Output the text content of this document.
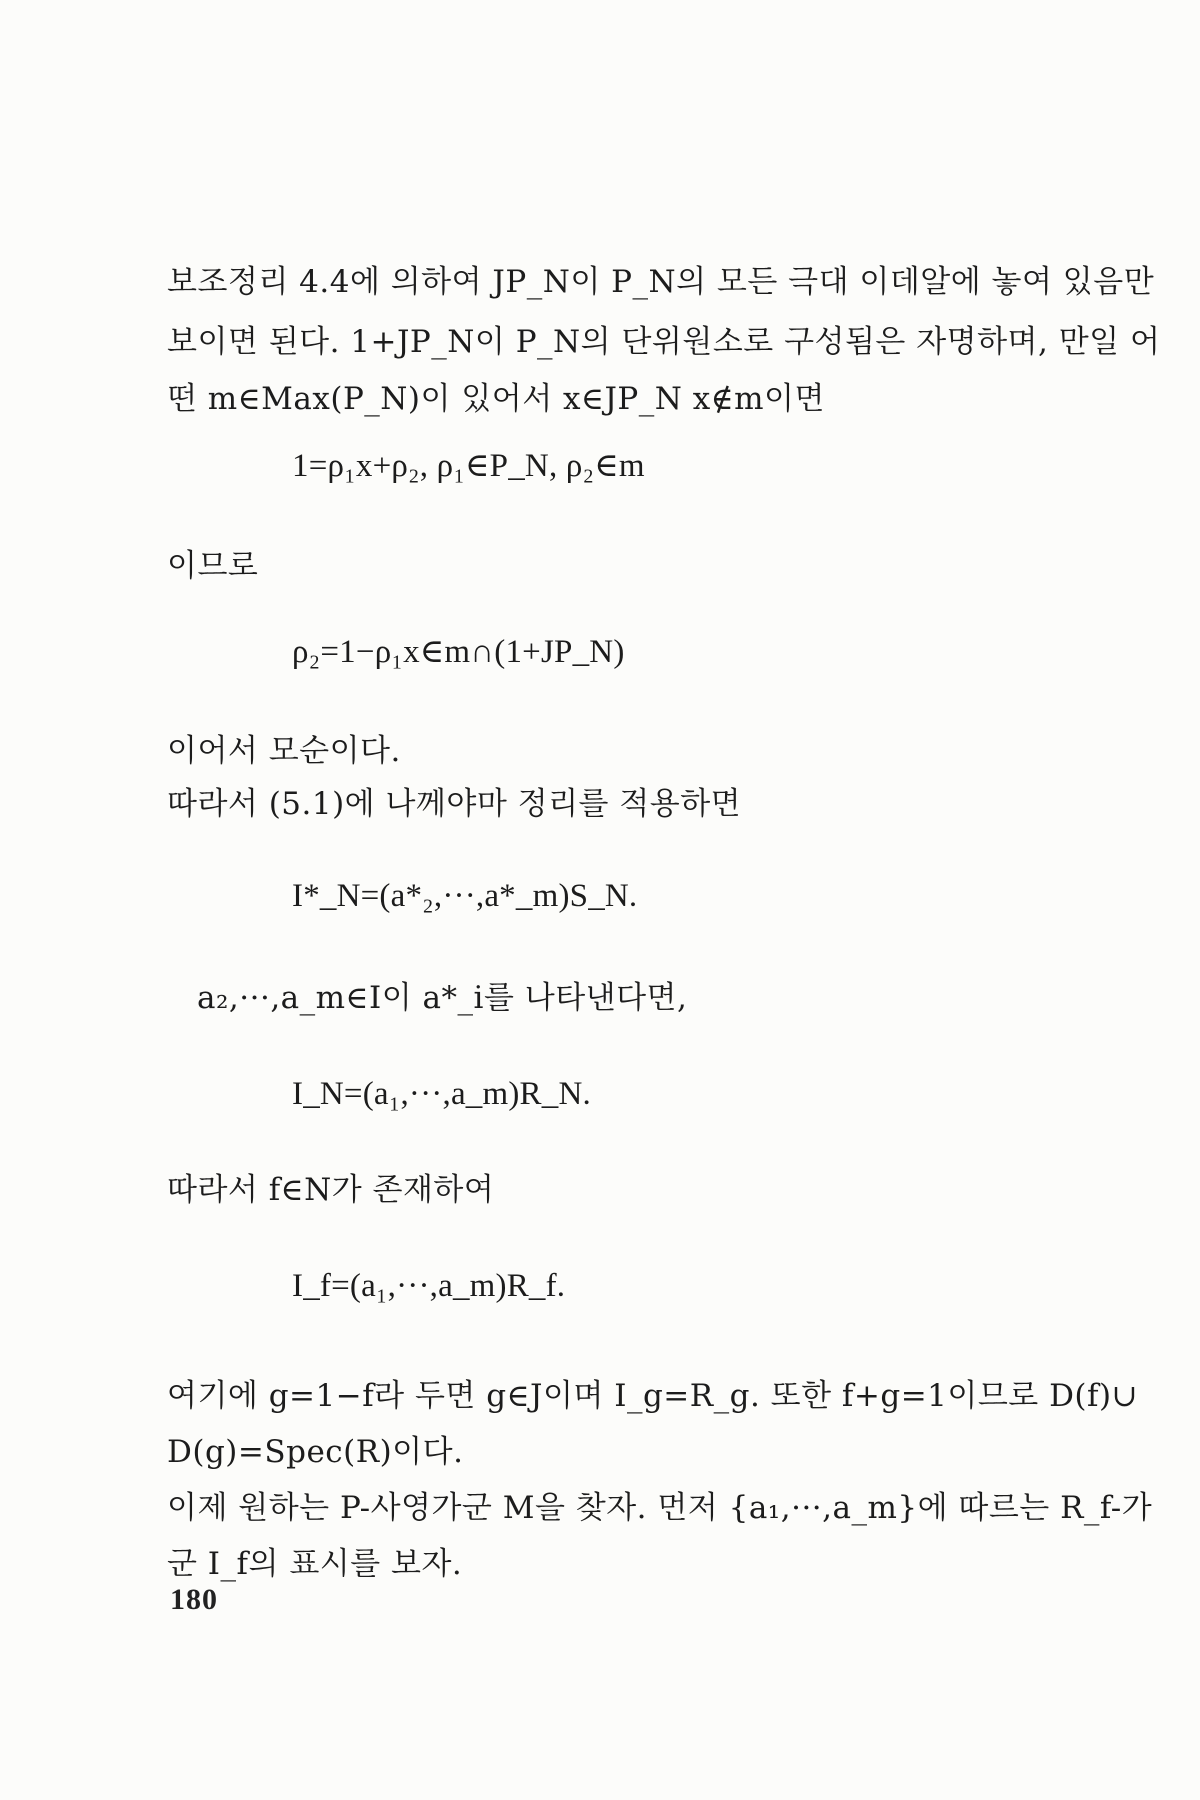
보조정리 4.4에 의하여 JP_N이 P_N의 모든 극대 이데알에 놓여 있음만
보이면 된다. 1+JP_N이 P_N의 단위원소로 구성됨은 자명하며, 만일 어
떤 m∈Max(P_N)이 있어서 x∈JP_N x∉m이면
1=ρ₁x+ρ₂, ρ₁∈P_N, ρ₂∈m
이므로
ρ₂=1−ρ₁x∈m∩(1+JP_N)
이어서 모순이다.
따라서 (5.1)에 나께야마 정리를 적용하면
I*_N=(a*₂,···,a*_m)S_N.
a₂,···,a_m∈I이 a*_i를 나타낸다면,
I_N=(a₁,···,a_m)R_N.
따라서 f∈N가 존재하여
I_f=(a₁,···,a_m)R_f.
여기에 g=1−f라 두면 g∈J이며 I_g=R_g. 또한 f+g=1이므로 D(f)∪
D(g)=Spec(R)이다.
이제 원하는 P-사영가군 M을 찾자. 먼저 {a₁,···,a_m}에 따르는 R_f-가
군 I_f의 표시를 보자.
180
